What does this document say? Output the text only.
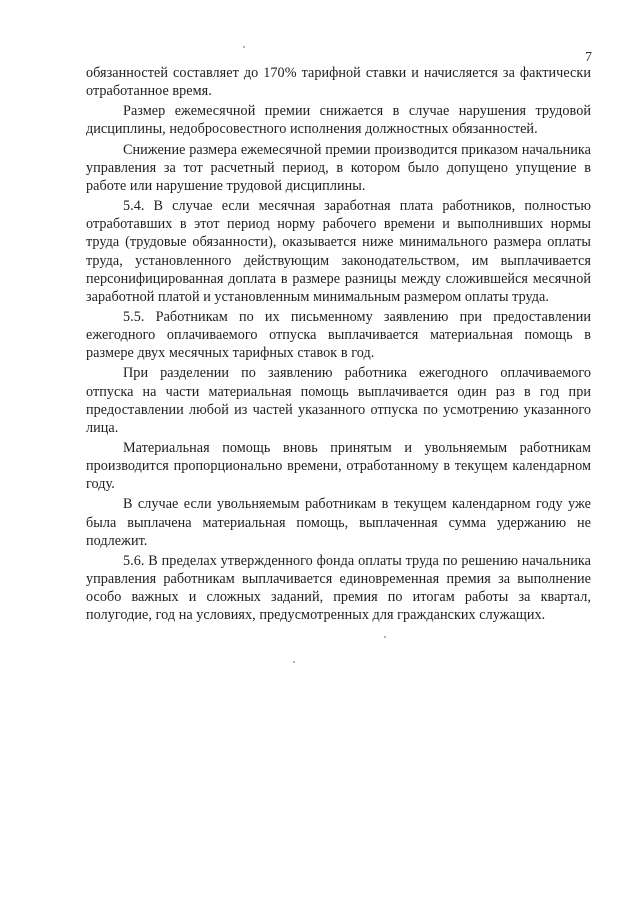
7

обязанностей составляет до 170% тарифной ставки и начисляется за фактически отработанное время.

Размер ежемесячной премии снижается в случае нарушения трудовой дисциплины, недобросовестного исполнения должностных обязанностей.

Снижение размера ежемесячной премии производится приказом начальника управления за тот расчетный период, в котором было допущено упущение в работе или нарушение трудовой дисциплины.

5.4. В случае если месячная заработная плата работников, полностью отработавших в этот период норму рабочего времени и выполнивших нормы труда (трудовые обязанности), оказывается ниже минимального размера оплаты труда, установленного действующим законодательством, им выплачивается персонифицированная доплата в размере разницы между сложившейся месячной заработной платой и установленным минимальным размером оплаты труда.

5.5. Работникам по их письменному заявлению при предоставлении ежегодного оплачиваемого отпуска выплачивается материальная помощь в размере двух месячных тарифных ставок в год.

При разделении по заявлению работника ежегодного оплачиваемого отпуска на части материальная помощь выплачивается один раз в год при предоставлении любой из частей указанного отпуска по усмотрению указанного лица.

Материальная помощь вновь принятым и увольняемым работникам производится пропорционально времени, отработанному в текущем календарном году.

В случае если увольняемым работникам в текущем календарном году уже была выплачена материальная помощь, выплаченная сумма удержанию не подлежит.

5.6. В пределах утвержденного фонда оплаты труда по решению начальника управления работникам выплачивается единовременная премия за выполнение особо важных и сложных заданий, премия по итогам работы за квартал, полугодие, год на условиях, предусмотренных для гражданских служащих.
